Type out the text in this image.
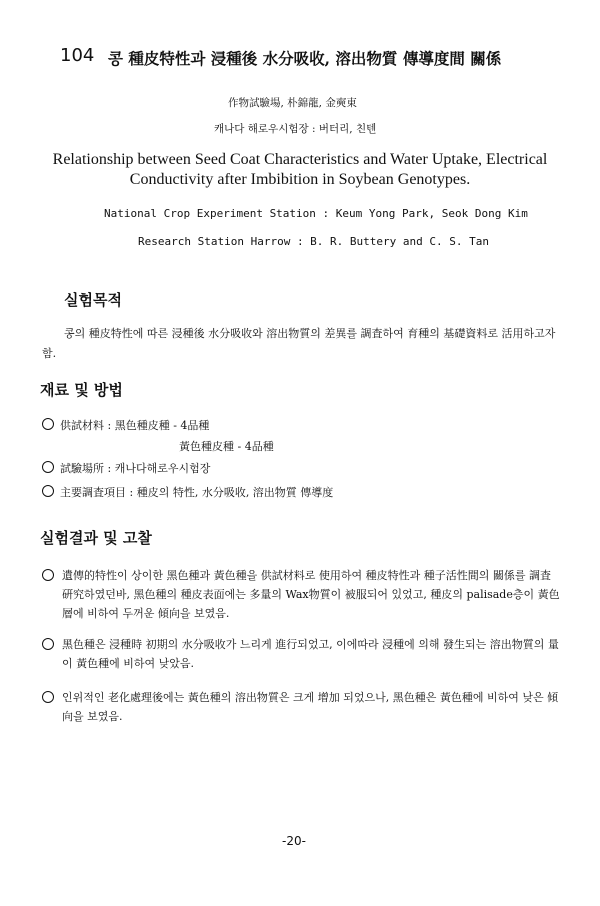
104 콩 種皮特性과 浸種後 水分吸收, 溶出物質 傳導度間 關係
作物試驗場, 朴錦龍, 金奭東
캐나다 해로우시험장 : 버터리, 친텐
Relationship between Seed Coat Characteristics and Water Uptake, Electrical Conductivity after Imbibition in Soybean Genotypes.
National Crop Experiment Station : Keum Yong Park, Seok Dong Kim
Research Station Harrow : B. R. Buttery and C. S. Tan
실험목적
콩의 種皮特性에 따른 浸種後 水分吸收와 溶出物質의 差異를 調査하여 育種의 基礎資料로 活用하고자 함.
재료 및 방법
供試材料 : 黑色種皮種 - 4品種
黃色種皮種 - 4品種
試驗場所 : 캐나다해로우시험장
主要調査項目 : 種皮의 特性, 水分吸收, 溶出物質 傳導度
실험결과 및 고찰
遺傳的特性이 상이한 黑色種과 黃色種을 供試材料로 使用하여 種皮特性과 種子活性間의 關係를 調査 硏究하였던바, 黑色種의 種皮表面에는 多量의 Wax物質이 被服되어 있었고, 種皮의 palisade층이 黃色層에 비하여 두꺼운 傾向을 보였음.
黑色種은 浸種時 初期의 水分吸收가 느리게 進行되었고, 이에따라 浸種에 의해 發生되는 溶出物質의 量이 黃色種에 비하여 낮았음.
인위적인 老化處理後에는 黃色種의 溶出物質은 크게 增加 되었으나, 黑色種은 黃色種에 비하여 낮은 傾向을 보였음.
-20-
